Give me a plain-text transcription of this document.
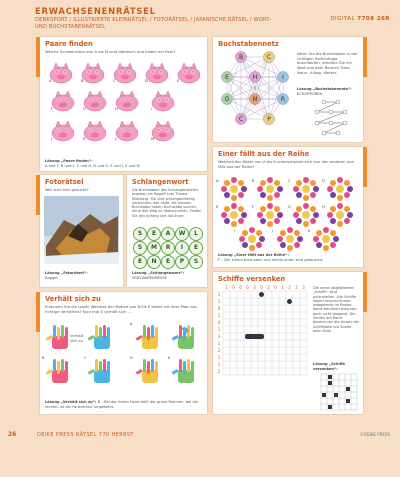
ERWACHSENENRÄTSEL
DENKSPORT / ILLUSTRIERTE KLEINRÄTSEL / FOTORÄTSEL / JAPANISCHE RÄTSEL / WORT- UND BUCHSTABENRÄTSEL
DIGITAL 7708 26R
Paare finden
Welche Schweinchen von A bis M sind identisch und bilden ein Paar?
Lösung „Paare finden“:
A und F, B und L, C und H, D und G, E und I, K und M
A	B	C	D	E
F	G	H	I
J	K	L	M
Buchstabennetz
B	C
E	H	I
O	N	R
C	P
Wenn Sie die Buchstaben in der richtigen Reihenfolge durchlaufen, erhalten Sie ein Wort aus dem Bereich Tiere, Natur, Alltag, Wetter.
Lösung „Buchstabennetz“:
ECHOPROBEN
Einer fällt aus der Reihe
Welches der Bilder von A bis K unterscheidet sich von den anderen und fällt aus der Reihe?
Lösung „Einer fällt aus der Reihe“:
F – Der kleine Kreis oben und rechts unten sind getauscht.
A	B	C	D
E	F	G	H
I	J	K
Fotorätsel
Wer wird hier gesucht?
Lösung „Fotorätsel“:
Bagger
Schlangenwort
Die Buchstaben des Schlangenwortes ergeben ein Begriff zum Thema Nürnberg. Sie sind schlangenförmig verbunden, das heißt, sie müssen Buchstabe neben Buchstabe suchen, ohne den Weg zu überschreiten. Finden Sie den Anfang und das Ende.
Lösung „Schlangenwort“:
SPIELWARENMESSE
S	E	A	W	L
S	M	R	I	E
E	N	E	P	S
Verhält sich zu
Erkennen Sie die Logik! Welches der Motive von B bis E bildet mit dem Paar das richtige Verhältnis? Kurz mal X verhält sich ...
Lösung „Verhält sich zu“: B – Bei der linken Hand fehlt der graue Rahmen, bei der rechten ist der Farbverlauf umgekehrt.
?
verhält sich zu
A
B	C	D	E
Schiffe versenken
1 0 6 0 3 0 2 0 1 2 2 3
1
2
0
2
4
1
3
1
2
1
1
2
Die unten abgebildeten „Schiffe“ sind aufzustellen. Alle Schiffe liegen senkrecht oder waagerecht im Raster. Keine berühren einander, auch nicht diagonal. Die Zahlen am Rand bezeichnen die Anzahl der Schiffsteile pro Spalte oder Zeile.
Lösung „Schiffe versenken“:
26	DEIKE PRESS RÄTSEL 770 HERBST	©DEIKE PRESS
